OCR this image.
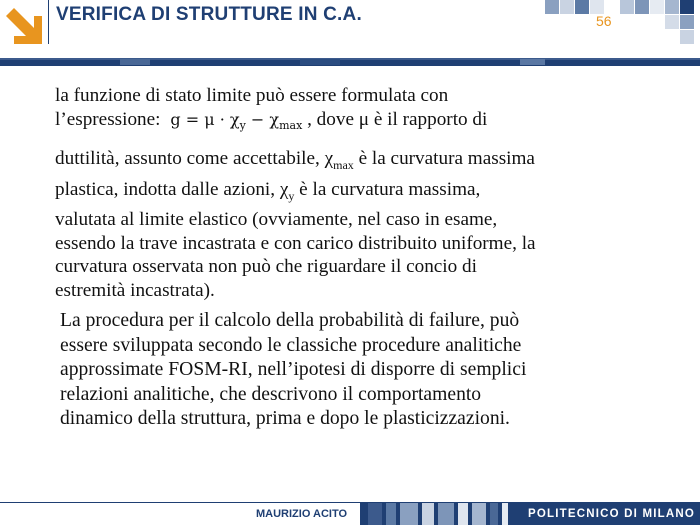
VERIFICA DI STRUTTURE IN C.A.	56
la funzione di stato limite può essere formulata con
l’espressione: $g = \mu \cdot \chi_y - \chi_{max}$ , dove μ è il rapporto di
duttilità, assunto come accettabile, $\chi_{max}$ è la curvatura massima
plastica, indotta dalle azioni, $\chi_y$ è la curvatura massima,
valutata al limite elastico (ovviamente, nel caso in esame,
essendo la trave incastrata e con carico distribuito uniforme, la
curvatura osservata non può che riguardare il concio di
estremità incastrata).
La procedura per il calcolo della probabilità di failure, può
essere sviluppata secondo le classiche procedure analitiche
approssimate FOSM-RI, nell’ipotesi di disporre di semplici
relazioni analitiche, che descrivono il comportamento
dinamico della struttura, prima e dopo le plasticizzazioni.
MAURIZIO ACITO	POLITECNICO DI MILANO
